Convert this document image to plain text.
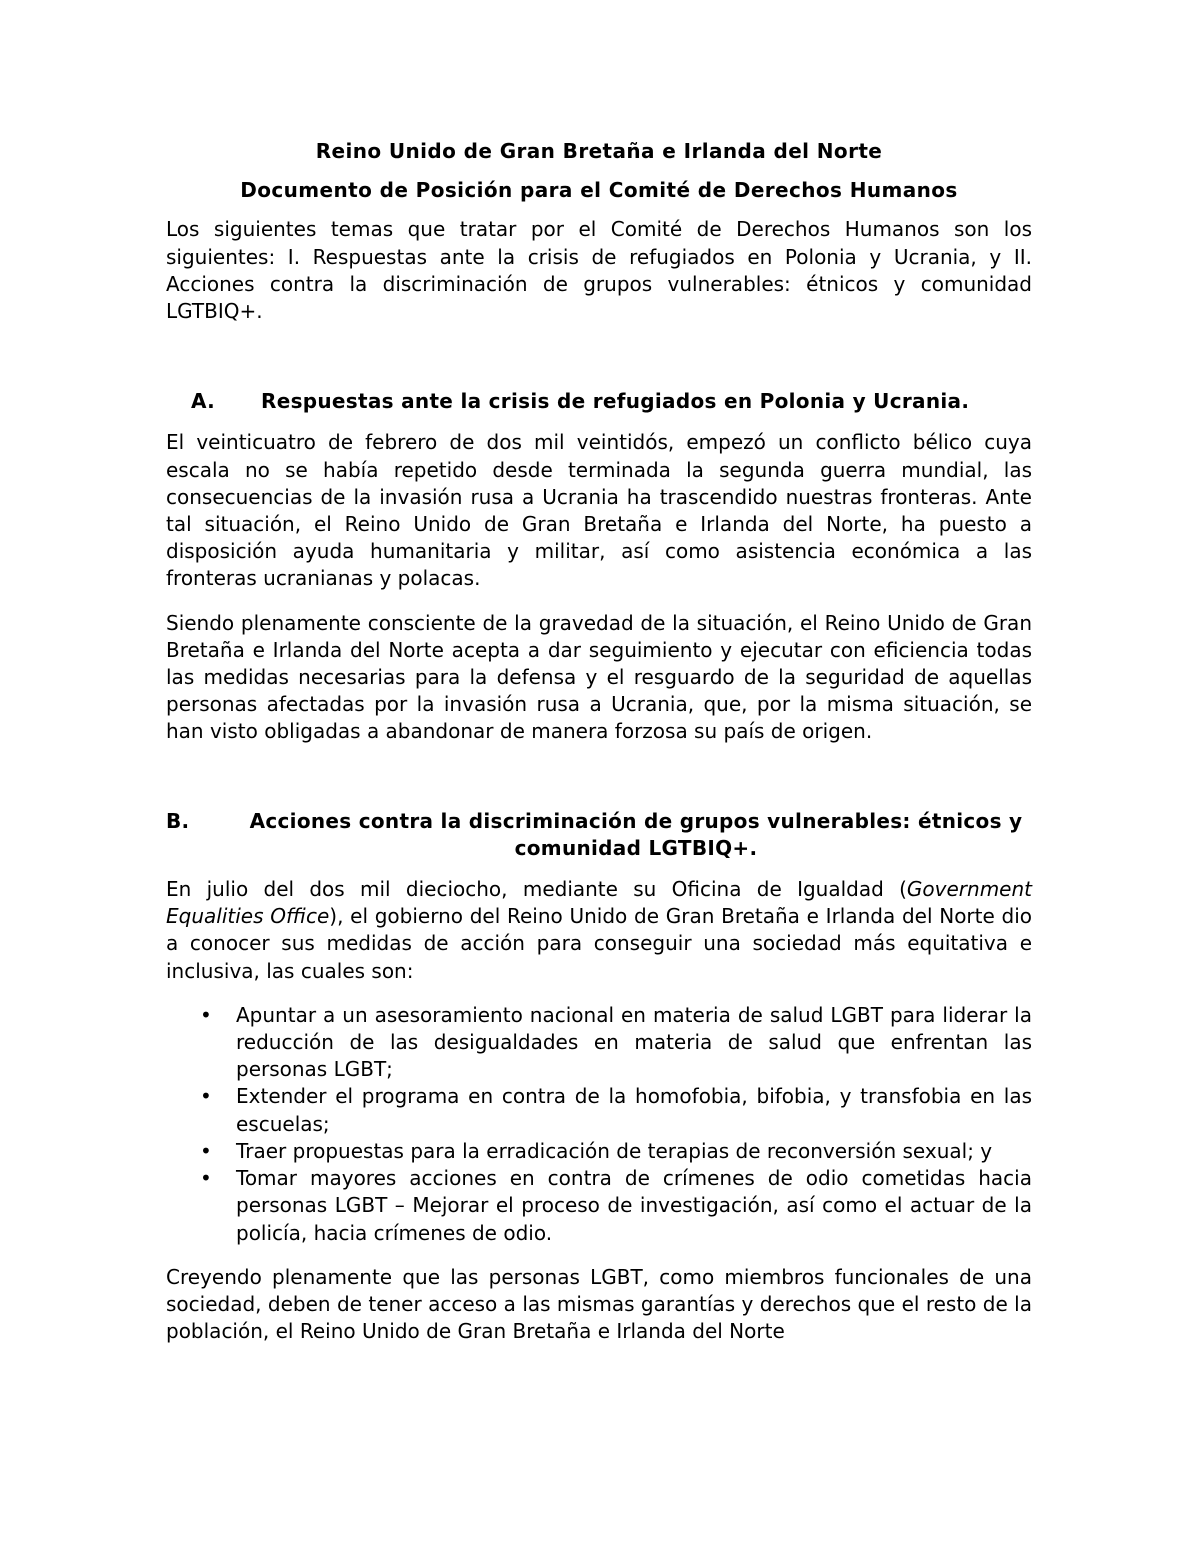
Reino Unido de Gran Bretaña e Irlanda del Norte

Documento de Posición para el Comité de Derechos Humanos

Los siguientes temas que tratar por el Comité de Derechos Humanos son los siguientes: I. Respuestas ante la crisis de refugiados en Polonia y Ucrania, y II. Acciones contra la discriminación de grupos vulnerables: étnicos y comunidad LGTBIQ+.

A.	Respuestas ante la crisis de refugiados en Polonia y Ucrania.

El veinticuatro de febrero de dos mil veintidós, empezó un conflicto bélico cuya escala no se había repetido desde terminada la segunda guerra mundial, las consecuencias de la invasión rusa a Ucrania ha trascendido nuestras fronteras. Ante tal situación, el Reino Unido de Gran Bretaña e Irlanda del Norte, ha puesto a disposición ayuda humanitaria y militar, así como asistencia económica a las fronteras ucranianas y polacas.

Siendo plenamente consciente de la gravedad de la situación, el Reino Unido de Gran Bretaña e Irlanda del Norte acepta a dar seguimiento y ejecutar con eficiencia todas las medidas necesarias para la defensa y el resguardo de la seguridad de aquellas personas afectadas por la invasión rusa a Ucrania, que, por la misma situación, se han visto obligadas a abandonar de manera forzosa su país de origen.

B.	Acciones contra la discriminación de grupos vulnerables: étnicos y comunidad LGTBIQ+.

En julio del dos mil dieciocho, mediante su Oficina de Igualdad (Government Equalities Office), el gobierno del Reino Unido de Gran Bretaña e Irlanda del Norte dio a conocer sus medidas de acción para conseguir una sociedad más equitativa e inclusiva, las cuales son:

• Apuntar a un asesoramiento nacional en materia de salud LGBT para liderar la reducción de las desigualdades en materia de salud que enfrentan las personas LGBT;
• Extender el programa en contra de la homofobia, bifobia, y transfobia en las escuelas;
• Traer propuestas para la erradicación de terapias de reconversión sexual; y
• Tomar mayores acciones en contra de crímenes de odio cometidas hacia personas LGBT – Mejorar el proceso de investigación, así como el actuar de la policía, hacia crímenes de odio.

Creyendo plenamente que las personas LGBT, como miembros funcionales de una sociedad, deben de tener acceso a las mismas garantías y derechos que el resto de la población, el Reino Unido de Gran Bretaña e Irlanda del Norte
